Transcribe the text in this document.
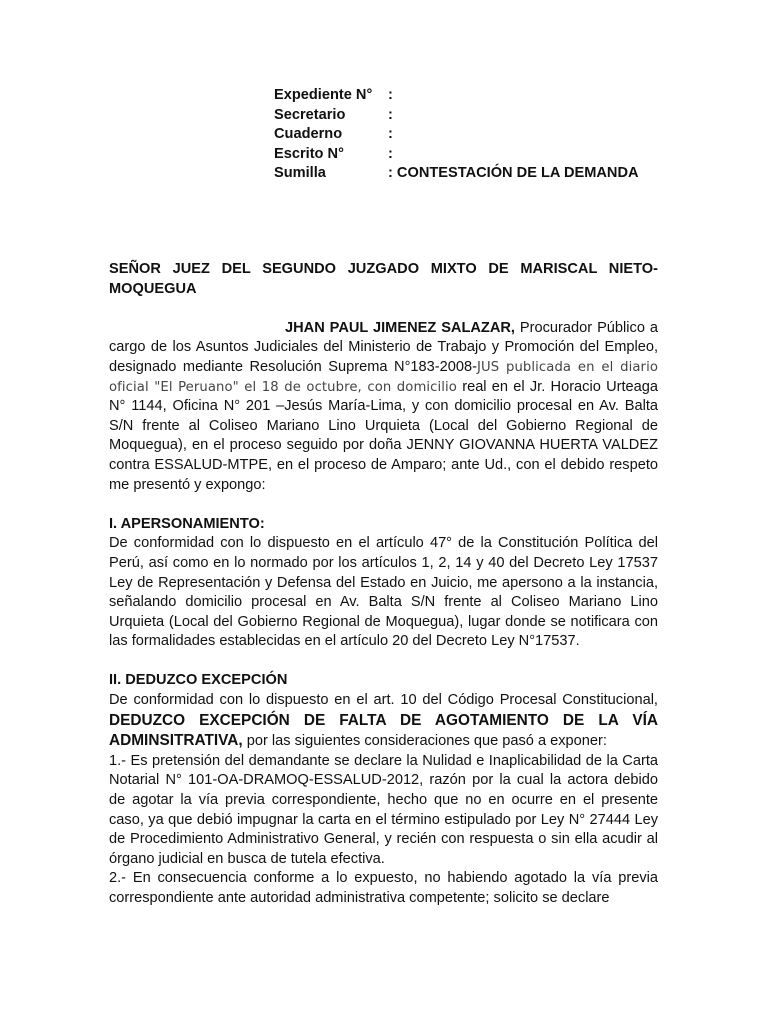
Expediente N°	:
Secretario	:
Cuaderno	:
Escrito N°	:
Sumilla	: CONTESTACIÓN DE LA DEMANDA

SEÑOR JUEZ DEL SEGUNDO JUZGADO MIXTO DE MARISCAL NIETO-MOQUEGUA

JHAN PAUL JIMENEZ SALAZAR, Procurador Público a cargo de los Asuntos Judiciales del Ministerio de Trabajo y Promoción del Empleo, designado mediante Resolución Suprema N°183-2008-JUS publicada en el diario oficial "El Peruano" el 18 de octubre, con domicilio real en el Jr. Horacio Urteaga N° 1144, Oficina N° 201 –Jesús María-Lima, y con domicilio procesal en Av. Balta S/N frente al Coliseo Mariano Lino Urquieta (Local del Gobierno Regional de Moquegua), en el proceso seguido por doña JENNY GIOVANNA HUERTA VALDEZ contra ESSALUD-MTPE, en el proceso de Amparo; ante Ud., con el debido respeto me presentó y expongo:

I. APERSONAMIENTO:

De conformidad con lo dispuesto en el artículo 47° de la Constitución Política del Perú, así como en lo normado por los artículos 1, 2, 14 y 40 del Decreto Ley 17537 Ley de Representación y Defensa del Estado en Juicio, me apersono a la instancia, señalando domicilio procesal en Av. Balta S/N frente al Coliseo Mariano Lino Urquieta (Local del Gobierno Regional de Moquegua), lugar donde se notificara con las formalidades establecidas en el artículo 20 del Decreto Ley N°17537.

II. DEDUZCO EXCEPCIÓN

De conformidad con lo dispuesto en el art. 10 del Código Procesal Constitucional, DEDUZCO EXCEPCIÓN DE FALTA DE AGOTAMIENTO DE LA VÍA ADMINSITRATIVA, por las siguientes consideraciones que pasó a exponer:

1.- Es pretensión del demandante se declare la Nulidad e Inaplicabilidad de la Carta Notarial N° 101-OA-DRAMOQ-ESSALUD-2012, razón por la cual la actora debido de agotar la vía previa correspondiente, hecho que no en ocurre en el presente caso, ya que debió impugnar la carta en el término estipulado por Ley N° 27444 Ley de Procedimiento Administrativo General, y recién con respuesta o sin ella acudir al órgano judicial en busca de tutela efectiva.

2.- En consecuencia conforme a lo expuesto, no habiendo agotado la vía previa correspondiente ante autoridad administrativa competente; solicito se declare
